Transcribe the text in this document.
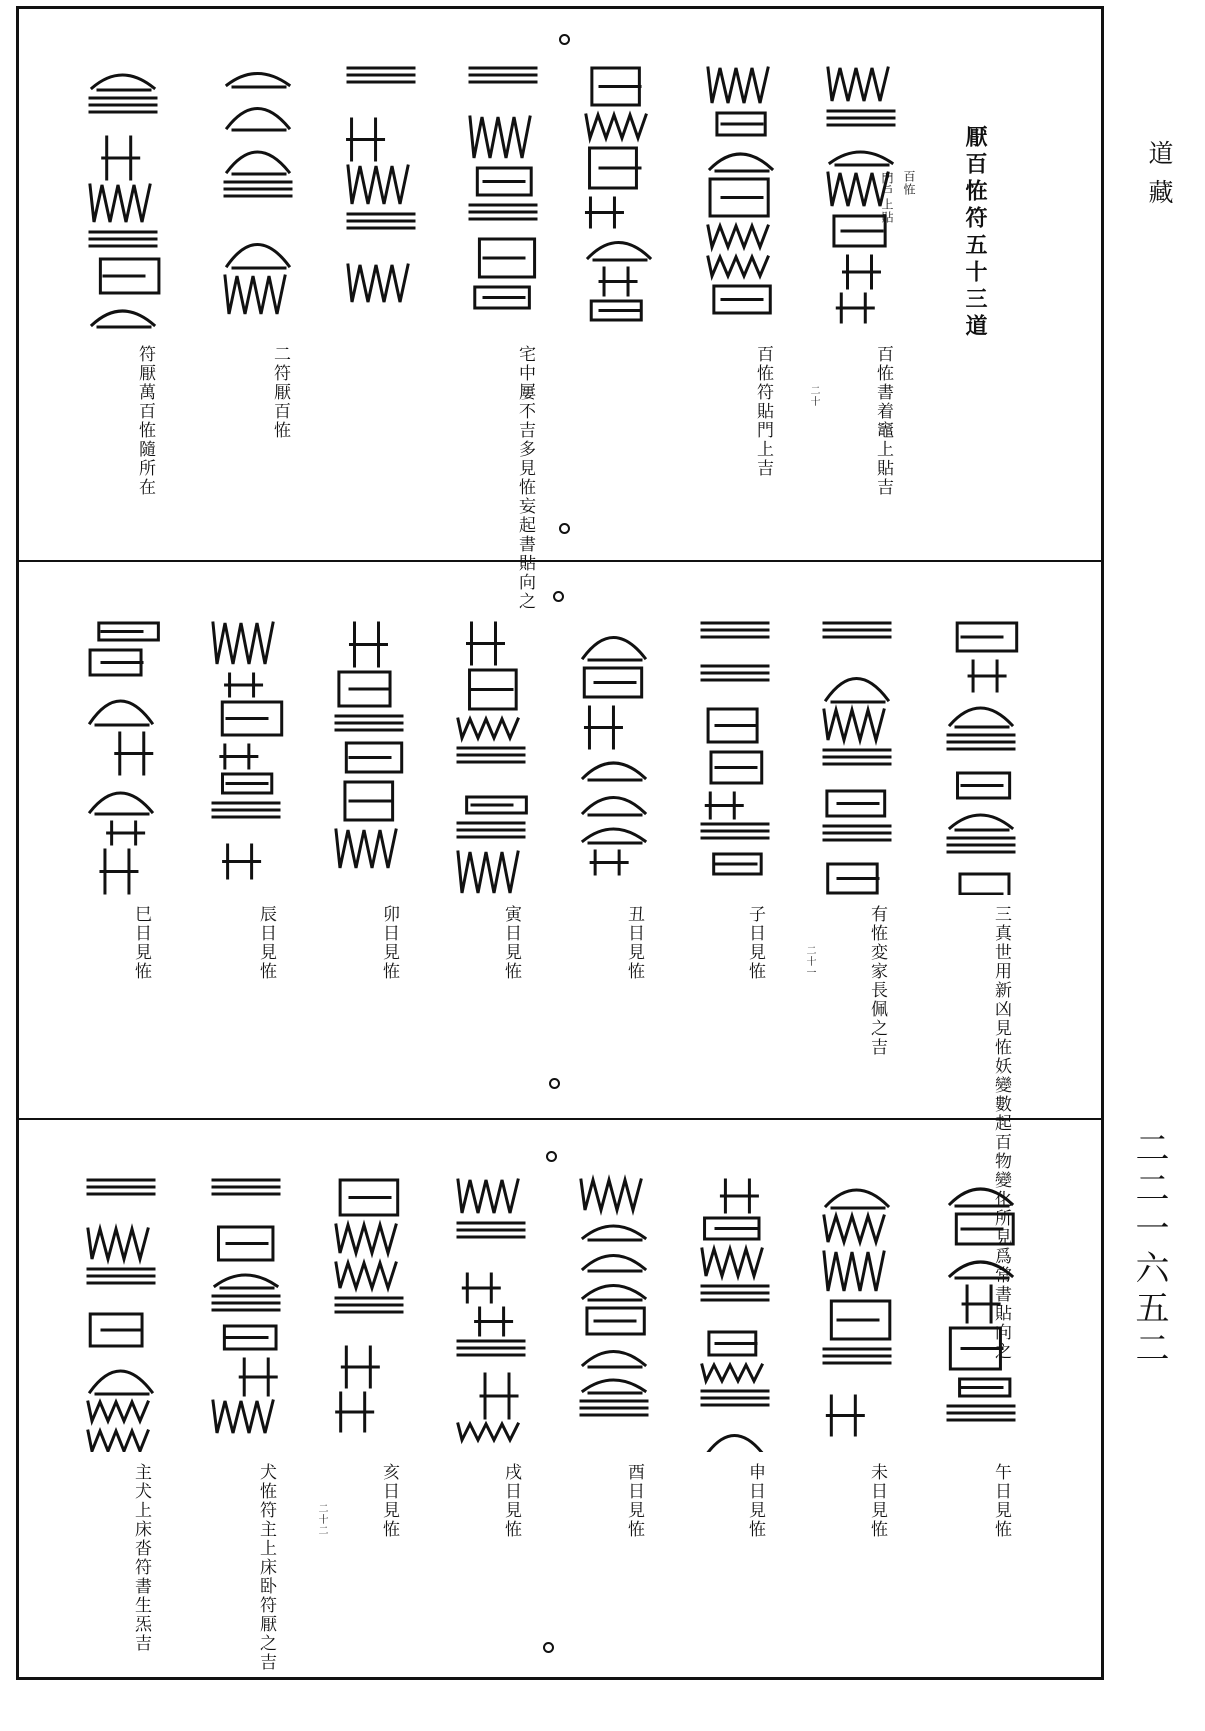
道藏
二二一六五二
厭百恠符五十三道
百恠書着竈上貼吉
百恠
門戶上貼
二十
百恠符貼門上吉
宅中屢不吉多見恠妄起書貼向之
二符厭百恠
符厭萬百恠隨所在
三真世用新凶見恠妖變數起百物變化所見爲常書貼向之
有恠変家長佩之吉
二十一
子日見恠
丑日見恠
寅日見恠
卯日見恠
辰日見恠
巳日見恠
午日見恠
未日見恠
申日見恠
酉日見恠
戌日見恠
亥日見恠
二十二
犬恠符主上床卧符厭之吉
主犬上床沓符書生炁吉
